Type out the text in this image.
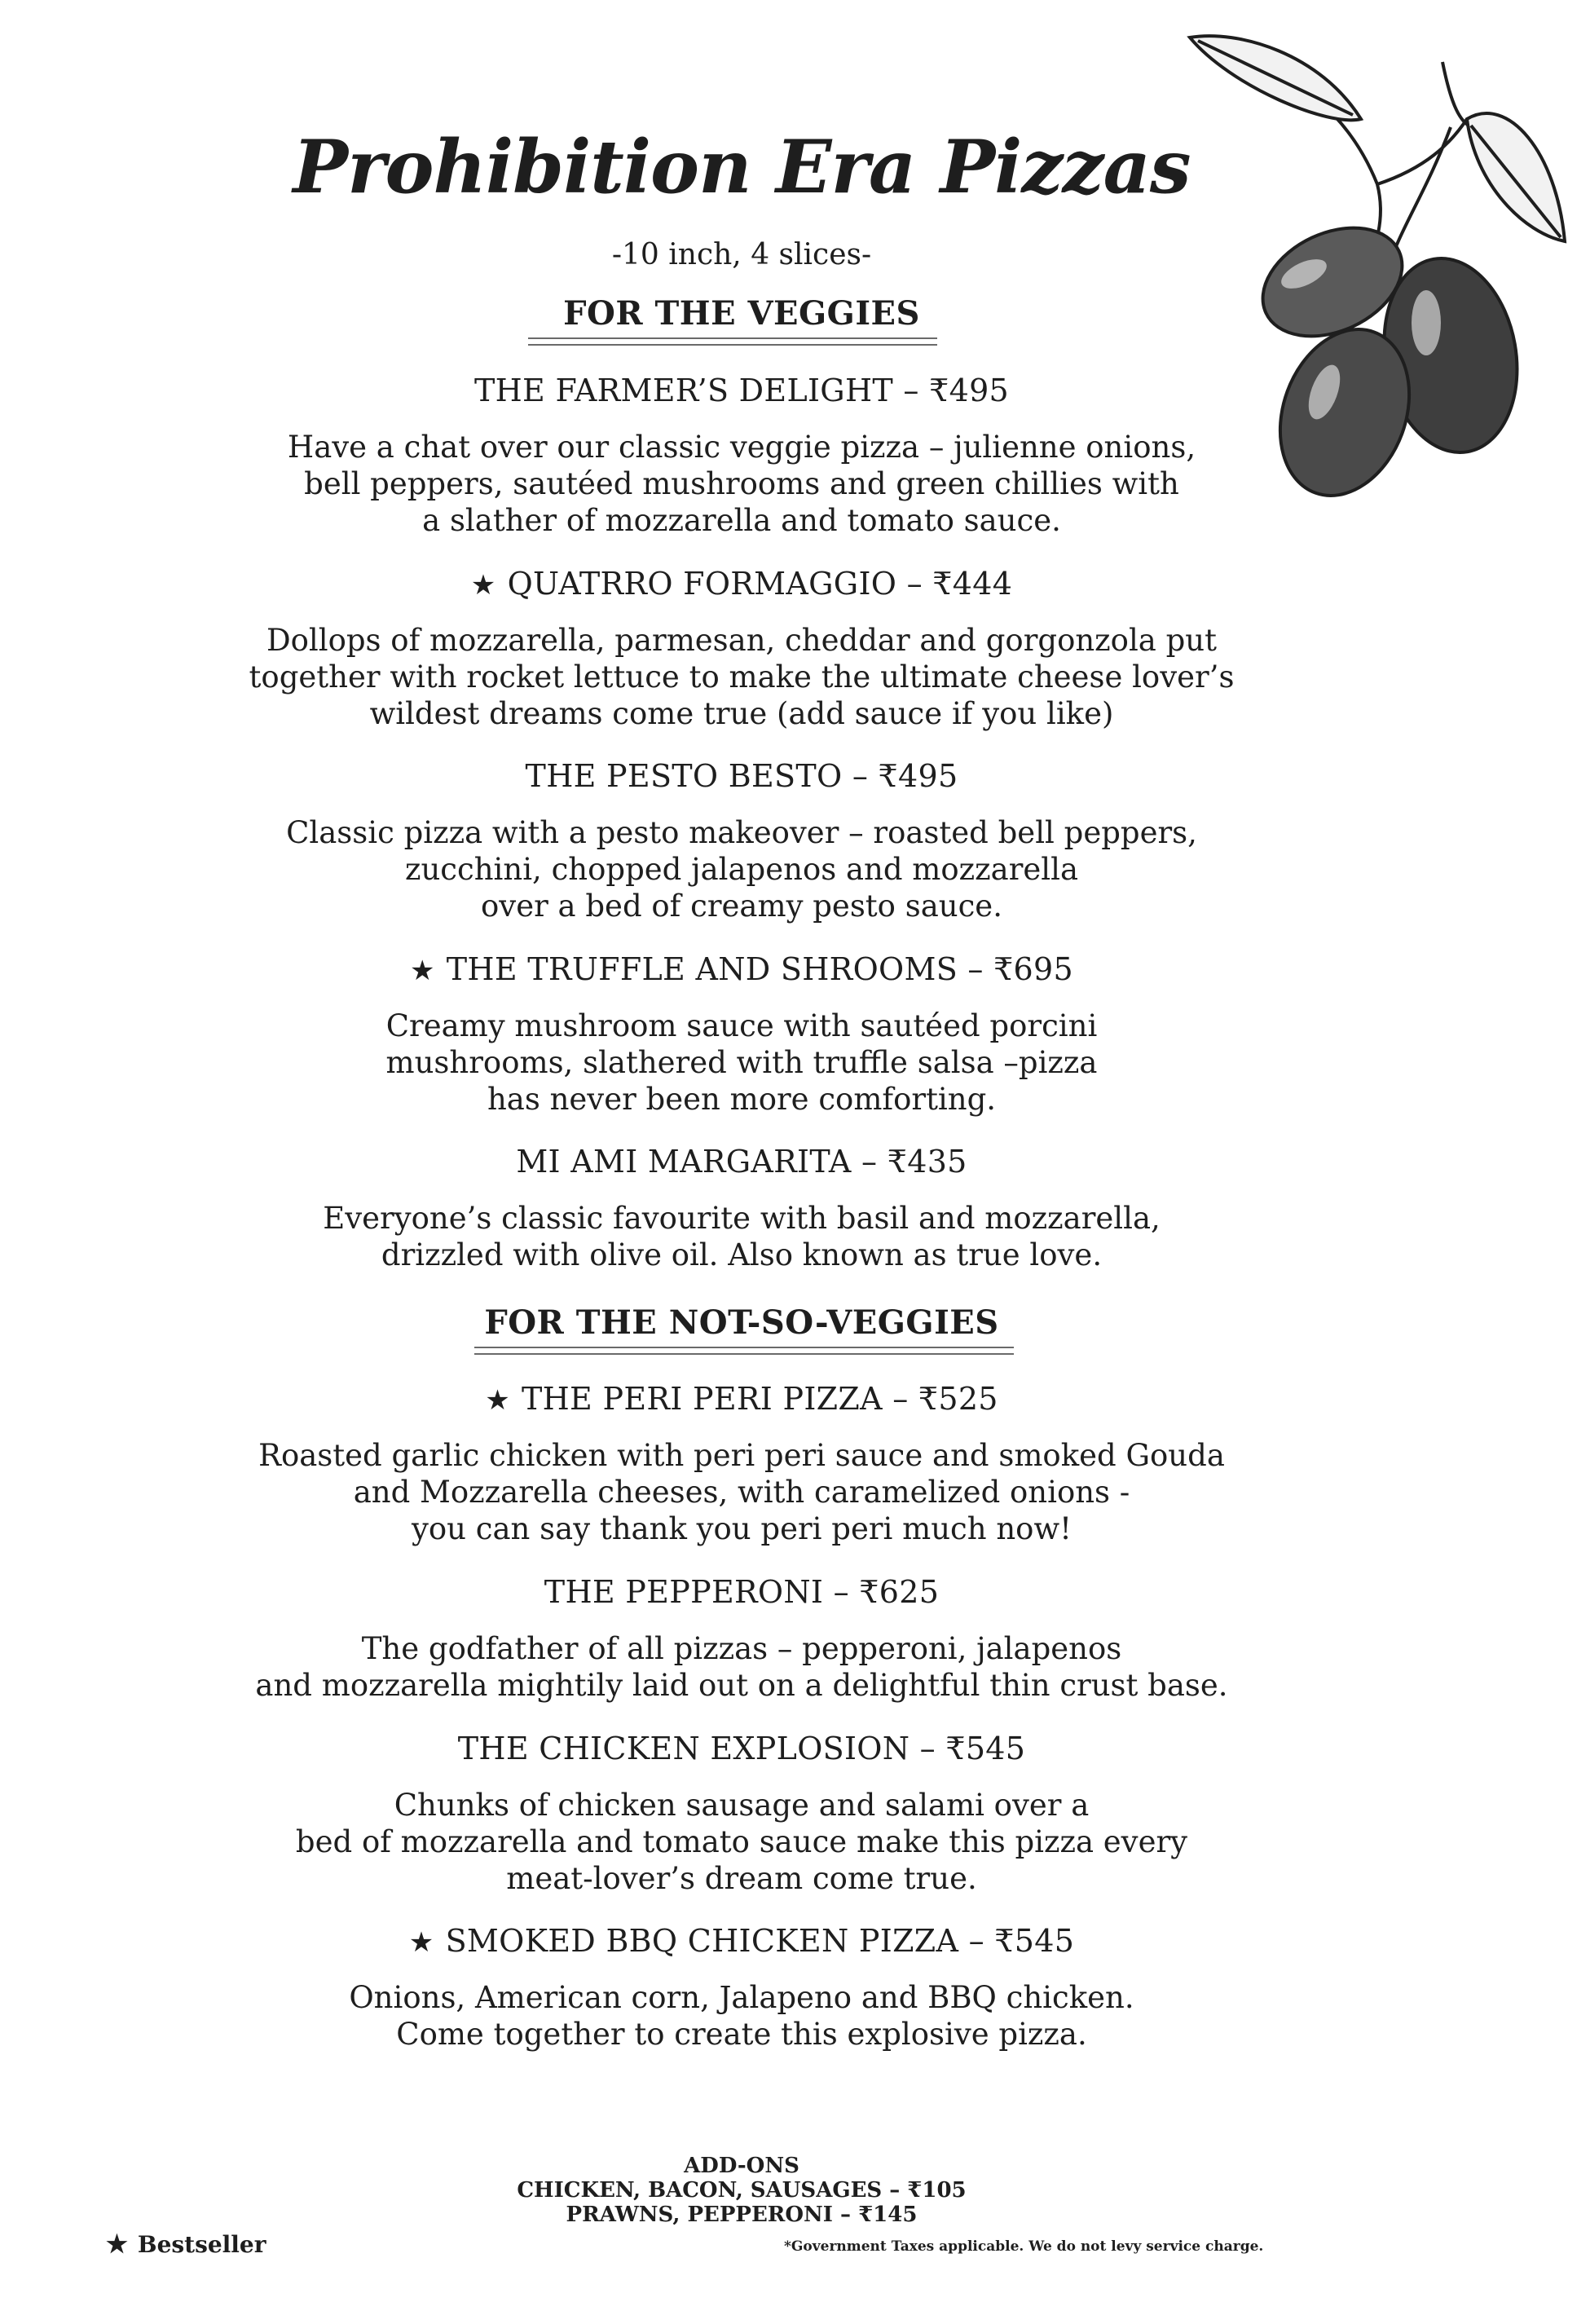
Prohibition Era Pizzas
-10 inch, 4 slices-
FOR THE VEGGIES
THE FARMER’S DELIGHT – ₹495
Have a chat over our classic veggie pizza – julienne onions,
bell peppers, sautéed mushrooms and green chillies with
a slather of mozzarella and tomato sauce.
★ QUATRRO FORMAGGIO – ₹444
Dollops of mozzarella, parmesan, cheddar and gorgonzola put
together with rocket lettuce to make the ultimate cheese lover’s
wildest dreams come true (add sauce if you like)
THE PESTO BESTO – ₹495
Classic pizza with a pesto makeover – roasted bell peppers,
zucchini, chopped jalapenos and mozzarella
over a bed of creamy pesto sauce.
★ THE TRUFFLE AND SHROOMS – ₹695
Creamy mushroom sauce with sautéed porcini
mushrooms, slathered with truffle salsa –pizza
has never been more comforting.
MI AMI MARGARITA – ₹435
Everyone’s classic favourite with basil and mozzarella,
drizzled with olive oil. Also known as true love.
FOR THE NOT-SO-VEGGIES
★ THE PERI PERI PIZZA – ₹525
Roasted garlic chicken with peri peri sauce and smoked Gouda
and Mozzarella cheeses, with caramelized onions -
you can say thank you peri peri much now!
THE PEPPERONI – ₹625
The godfather of all pizzas – pepperoni, jalapenos
and mozzarella mightily laid out on a delightful thin crust base.
THE CHICKEN EXPLOSION – ₹545
Chunks of chicken sausage and salami over a
bed of mozzarella and tomato sauce make this pizza every
meat-lover’s dream come true.
★ SMOKED BBQ CHICKEN PIZZA – ₹545
Onions, American corn, Jalapeno and BBQ chicken.
Come together to create this explosive pizza.
ADD-ONS
CHICKEN, BACON, SAUSAGES – ₹105
PRAWNS, PEPPERONI – ₹145
★ Bestseller	*Government Taxes applicable. We do not levy service charge.
